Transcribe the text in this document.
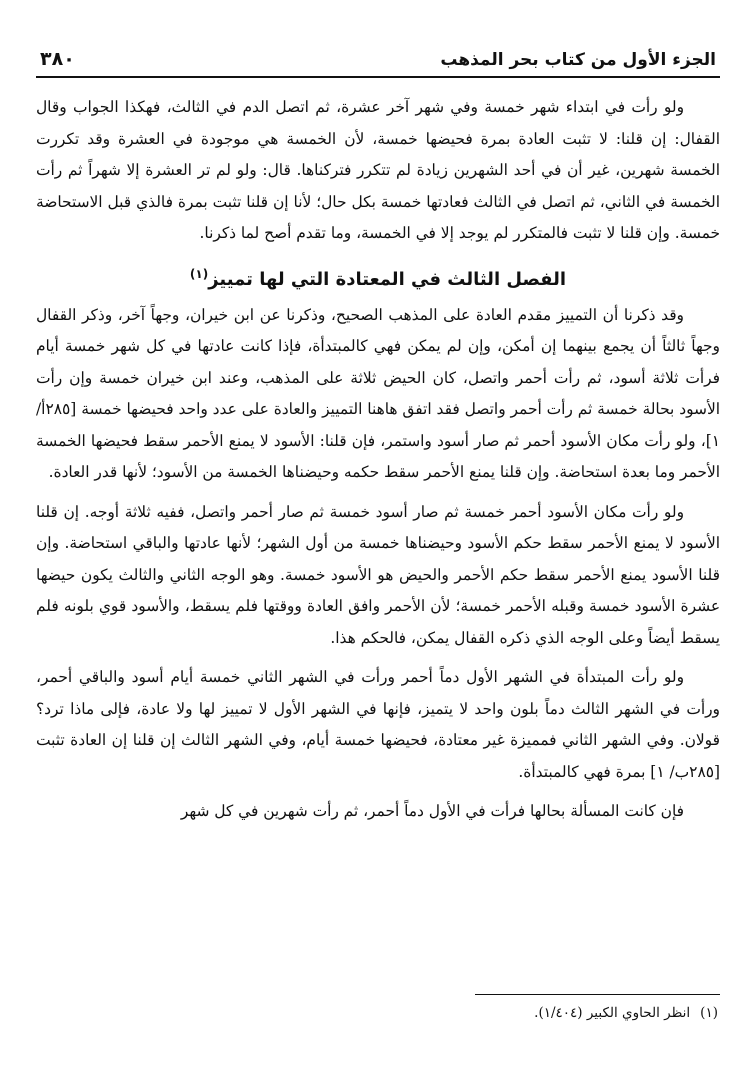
الجزء الأول من كتاب بحر المذهب
٣٨٠

ولو رأت في ابتداء شهر خمسة وفي شهر آخر عشرة، ثم اتصل الدم في الثالث، فهكذا الجواب وقال القفال: إن قلنا: لا تثبت العادة بمرة فحيضها خمسة، لأن الخمسة هي موجودة في العشرة وقد تكررت الخمسة شهرين، غير أن في أحد الشهرين زيادة لم تتكرر فتركناها. قال: ولو لم تر العشرة إلا شهراً ثم رأت الخمسة في الثاني، ثم اتصل في الثالث فعادتها خمسة بكل حال؛ لأنا إن قلنا تثبت بمرة فالذي قبل الاستحاضة خمسة. وإن قلنا لا تثبت فالمتكرر لم يوجد إلا في الخمسة، وما تقدم أصح لما ذكرنا.

الفصل الثالث في المعتادة التي لها تمييز$^{(١)}$

وقد ذكرنا أن التمييز مقدم العادة على المذهب الصحيح، وذكرنا عن ابن خيران، وجهاً آخر، وذكر القفال وجهاً ثالثاً أن يجمع بينهما إن أمكن، وإن لم يمكن فهي كالمبتدأة، فإذا كانت عادتها في كل شهر خمسة أيام فرأت ثلاثة أسود، ثم رأت أحمر واتصل، كان الحيض ثلاثة على المذهب، وعند ابن خيران خمسة وإن رأت الأسود بحالة خمسة ثم رأت أحمر واتصل فقد اتفق هاهنا التمييز والعادة على عدد واحد فحيضها خمسة [٢٨٥أ/ ١]، ولو رأت مكان الأسود أحمر ثم صار أسود واستمر، فإن قلنا: الأسود لا يمنع الأحمر سقط فحيضها الخمسة الأحمر وما بعدة استحاضة. وإن قلنا يمنع الأحمر سقط حكمه وحيضناها الخمسة من الأسود؛ لأنها قدر العادة.

ولو رأت مكان الأسود أحمر خمسة ثم صار أسود خمسة ثم صار أحمر واتصل، ففيه ثلاثة أوجه. إن قلنا الأسود لا يمنع الأحمر سقط حكم الأسود وحيضناها خمسة من أول الشهر؛ لأنها عادتها والباقي استحاضة. وإن قلنا الأسود يمنع الأحمر سقط حكم الأحمر والحيض هو الأسود خمسة. وهو الوجه الثاني والثالث يكون حيضها عشرة الأسود خمسة وقبله الأحمر خمسة؛ لأن الأحمر وافق العادة ووقتها فلم يسقط، والأسود قوي بلونه فلم يسقط أيضاً وعلى الوجه الذي ذكره القفال يمكن، فالحكم هذا.

ولو رأت المبتدأة في الشهر الأول دماً أحمر ورأت في الشهر الثاني خمسة أيام أسود والباقي أحمر، ورأت في الشهر الثالث دماً بلون واحد لا يتميز، فإنها في الشهر الأول لا تمييز لها ولا عادة، فإلى ماذا ترد؟ قولان. وفي الشهر الثاني فمميزة غير معتادة، فحيضها خمسة أيام، وفي الشهر الثالث إن قلنا إن العادة تثبت [٢٨٥ب/ ١] بمرة فهي كالمبتدأة.

فإن كانت المسألة بحالها فرأت في الأول دماً أحمر، ثم رأت شهرين في كل شهر

(١)
انظر الحاوي الكبير (١/٤٠٤).
